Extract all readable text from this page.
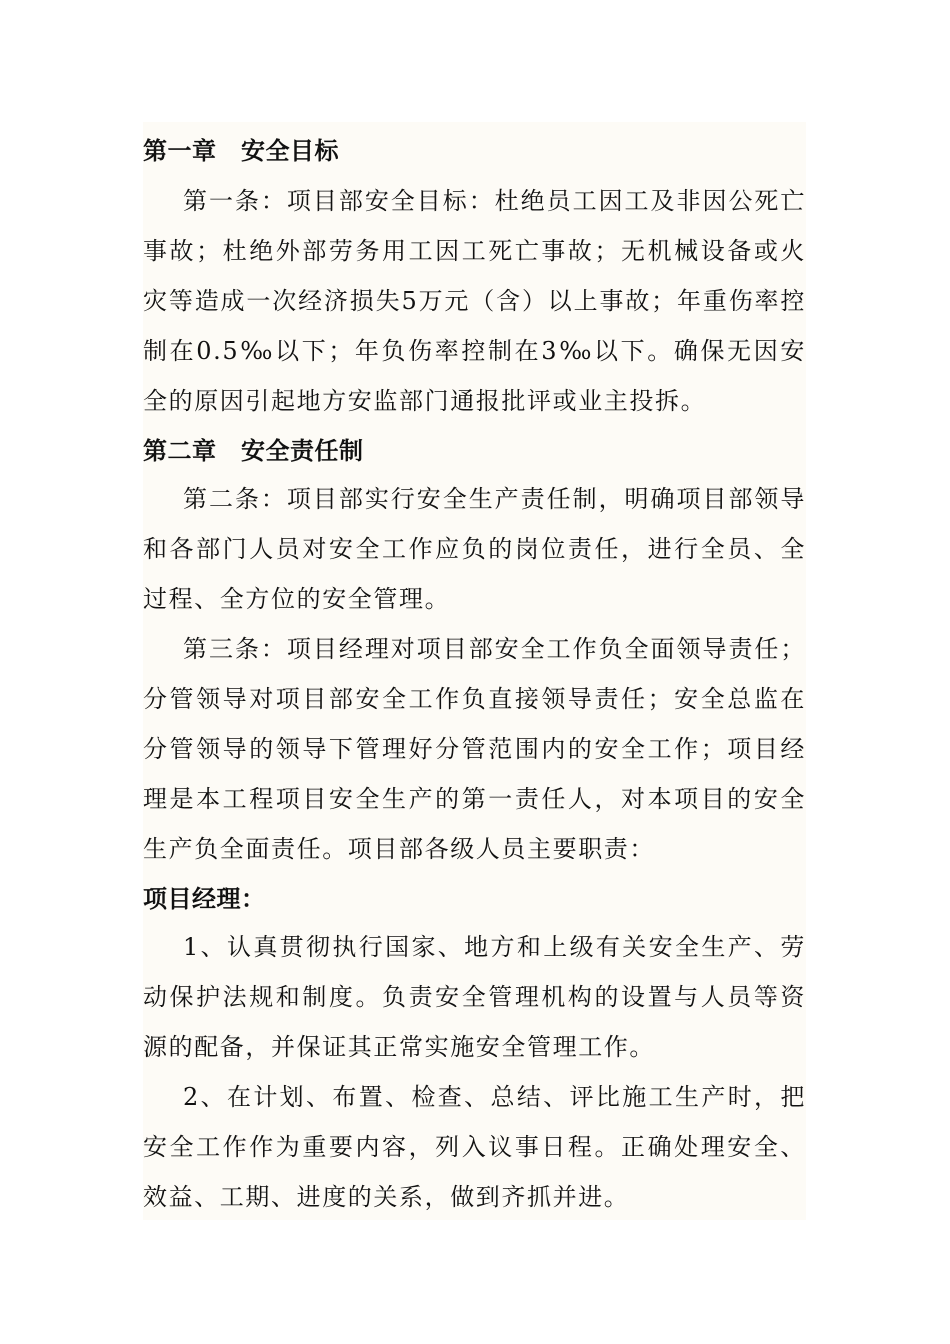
第一章　安全目标

第一条：项目部安全目标：杜绝员工因工及非因公死亡事故；杜绝外部劳务用工因工死亡事故；无机械设备或火灾等造成一次经济损失5万元（含）以上事故；年重伤率控制在0.5‰以下；年负伤率控制在3‰以下。确保无因安全的原因引起地方安监部门通报批评或业主投拆。

第二章　安全责任制

第二条：项目部实行安全生产责任制，明确项目部领导和各部门人员对安全工作应负的岗位责任，进行全员、全过程、全方位的安全管理。

第三条：项目经理对项目部安全工作负全面领导责任；分管领导对项目部安全工作负直接领导责任；安全总监在分管领导的领导下管理好分管范围内的安全工作；项目经理是本工程项目安全生产的第一责任人，对本项目的安全生产负全面责任。项目部各级人员主要职责：

项目经理：

1、认真贯彻执行国家、地方和上级有关安全生产、劳动保护法规和制度。负责安全管理机构的设置与人员等资源的配备，并保证其正常实施安全管理工作。

2、在计划、布置、检查、总结、评比施工生产时，把安全工作作为重要内容，列入议事日程。正确处理安全、效益、工期、进度的关系，做到齐抓并进。
